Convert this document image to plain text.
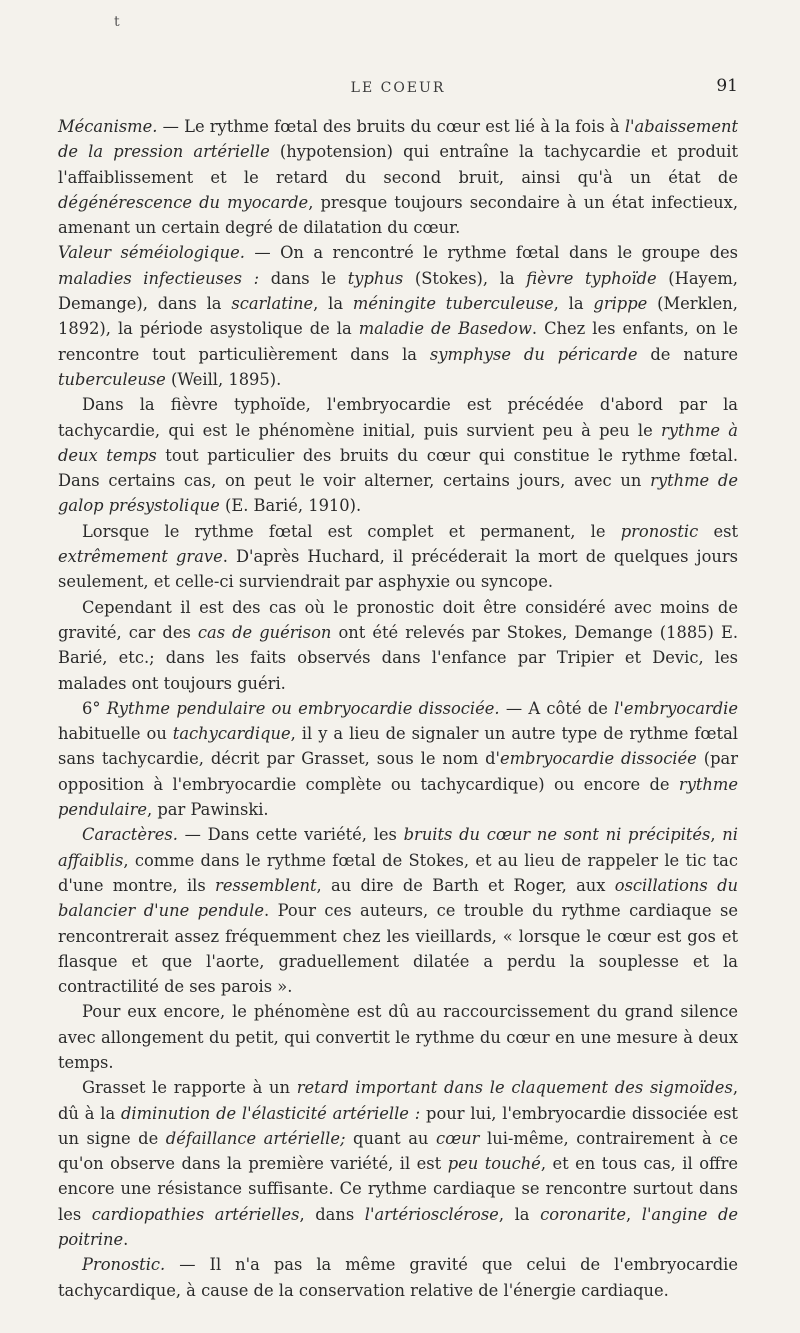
t
LE COEUR	91

Mécanisme. — Le rythme fœtal des bruits du cœur est lié à la fois à l'abaissement de la pression artérielle (hypotension) qui entraîne la tachycardie et produit l'affaiblissement et le retard du second bruit, ainsi qu'à un état de dégénérescence du myocarde, presque toujours secondaire à un état infectieux, amenant un certain degré de dilatation du cœur.

Valeur séméiologique. — On a rencontré le rythme fœtal dans le groupe des maladies infectieuses : dans le typhus (Stokes), la fièvre typhoïde (Hayem, Demange), dans la scarlatine, la méningite tuberculeuse, la grippe (Merklen, 1892), la période asystolique de la maladie de Basedow. Chez les enfants, on le rencontre tout particulièrement dans la symphyse du péricarde de nature tuberculeuse (Weill, 1895).

Dans la fièvre typhoïde, l'embryocardie est précédée d'abord par la tachycardie, qui est le phénomène initial, puis survient peu à peu le rythme à deux temps tout particulier des bruits du cœur qui constitue le rythme fœtal. Dans certains cas, on peut le voir alterner, certains jours, avec un rythme de galop présystolique (E. Barié, 1910).

Lorsque le rythme fœtal est complet et permanent, le pronostic est extrêmement grave. D'après Huchard, il précéderait la mort de quelques jours seulement, et celle-ci surviendrait par asphyxie ou syncope.

Cependant il est des cas où le pronostic doit être considéré avec moins de gravité, car des cas de guérison ont été relevés par Stokes, Demange (1885) E. Barié, etc.; dans les faits observés dans l'enfance par Tripier et Devic, les malades ont toujours guéri.

6° Rythme pendulaire ou embryocardie dissociée. — A côté de l'embryocardie habituelle ou tachycardique, il y a lieu de signaler un autre type de rythme fœtal sans tachycardie, décrit par Grasset, sous le nom d'embryocardie dissociée (par opposition à l'embryocardie complète ou tachycardique) ou encore de rythme pendulaire, par Pawinski.

Caractères. — Dans cette variété, les bruits du cœur ne sont ni précipités, ni affaiblis, comme dans le rythme fœtal de Stokes, et au lieu de rappeler le tic tac d'une montre, ils ressemblent, au dire de Barth et Roger, aux oscillations du balancier d'une pendule. Pour ces auteurs, ce trouble du rythme cardiaque se rencontrerait assez fréquemment chez les vieillards, « lorsque le cœur est gos et flasque et que l'aorte, graduellement dilatée a perdu la souplesse et la contractilité de ses parois ».

Pour eux encore, le phénomène est dû au raccourcissement du grand silence avec allongement du petit, qui convertit le rythme du cœur en une mesure à deux temps.

Grasset le rapporte à un retard important dans le claquement des sigmoïdes, dû à la diminution de l'élasticité artérielle : pour lui, l'embryocardie dissociée est un signe de défaillance artérielle; quant au cœur lui-même, contrairement à ce qu'on observe dans la première variété, il est peu touché, et en tous cas, il offre encore une résistance suffisante. Ce rythme cardiaque se rencontre surtout dans les cardiopathies artérielles, dans l'artériosclérose, la coronarite, l'angine de poitrine.

Pronostic. — Il n'a pas la même gravité que celui de l'embryocardie tachycardique, à cause de la conservation relative de l'énergie cardiaque.
